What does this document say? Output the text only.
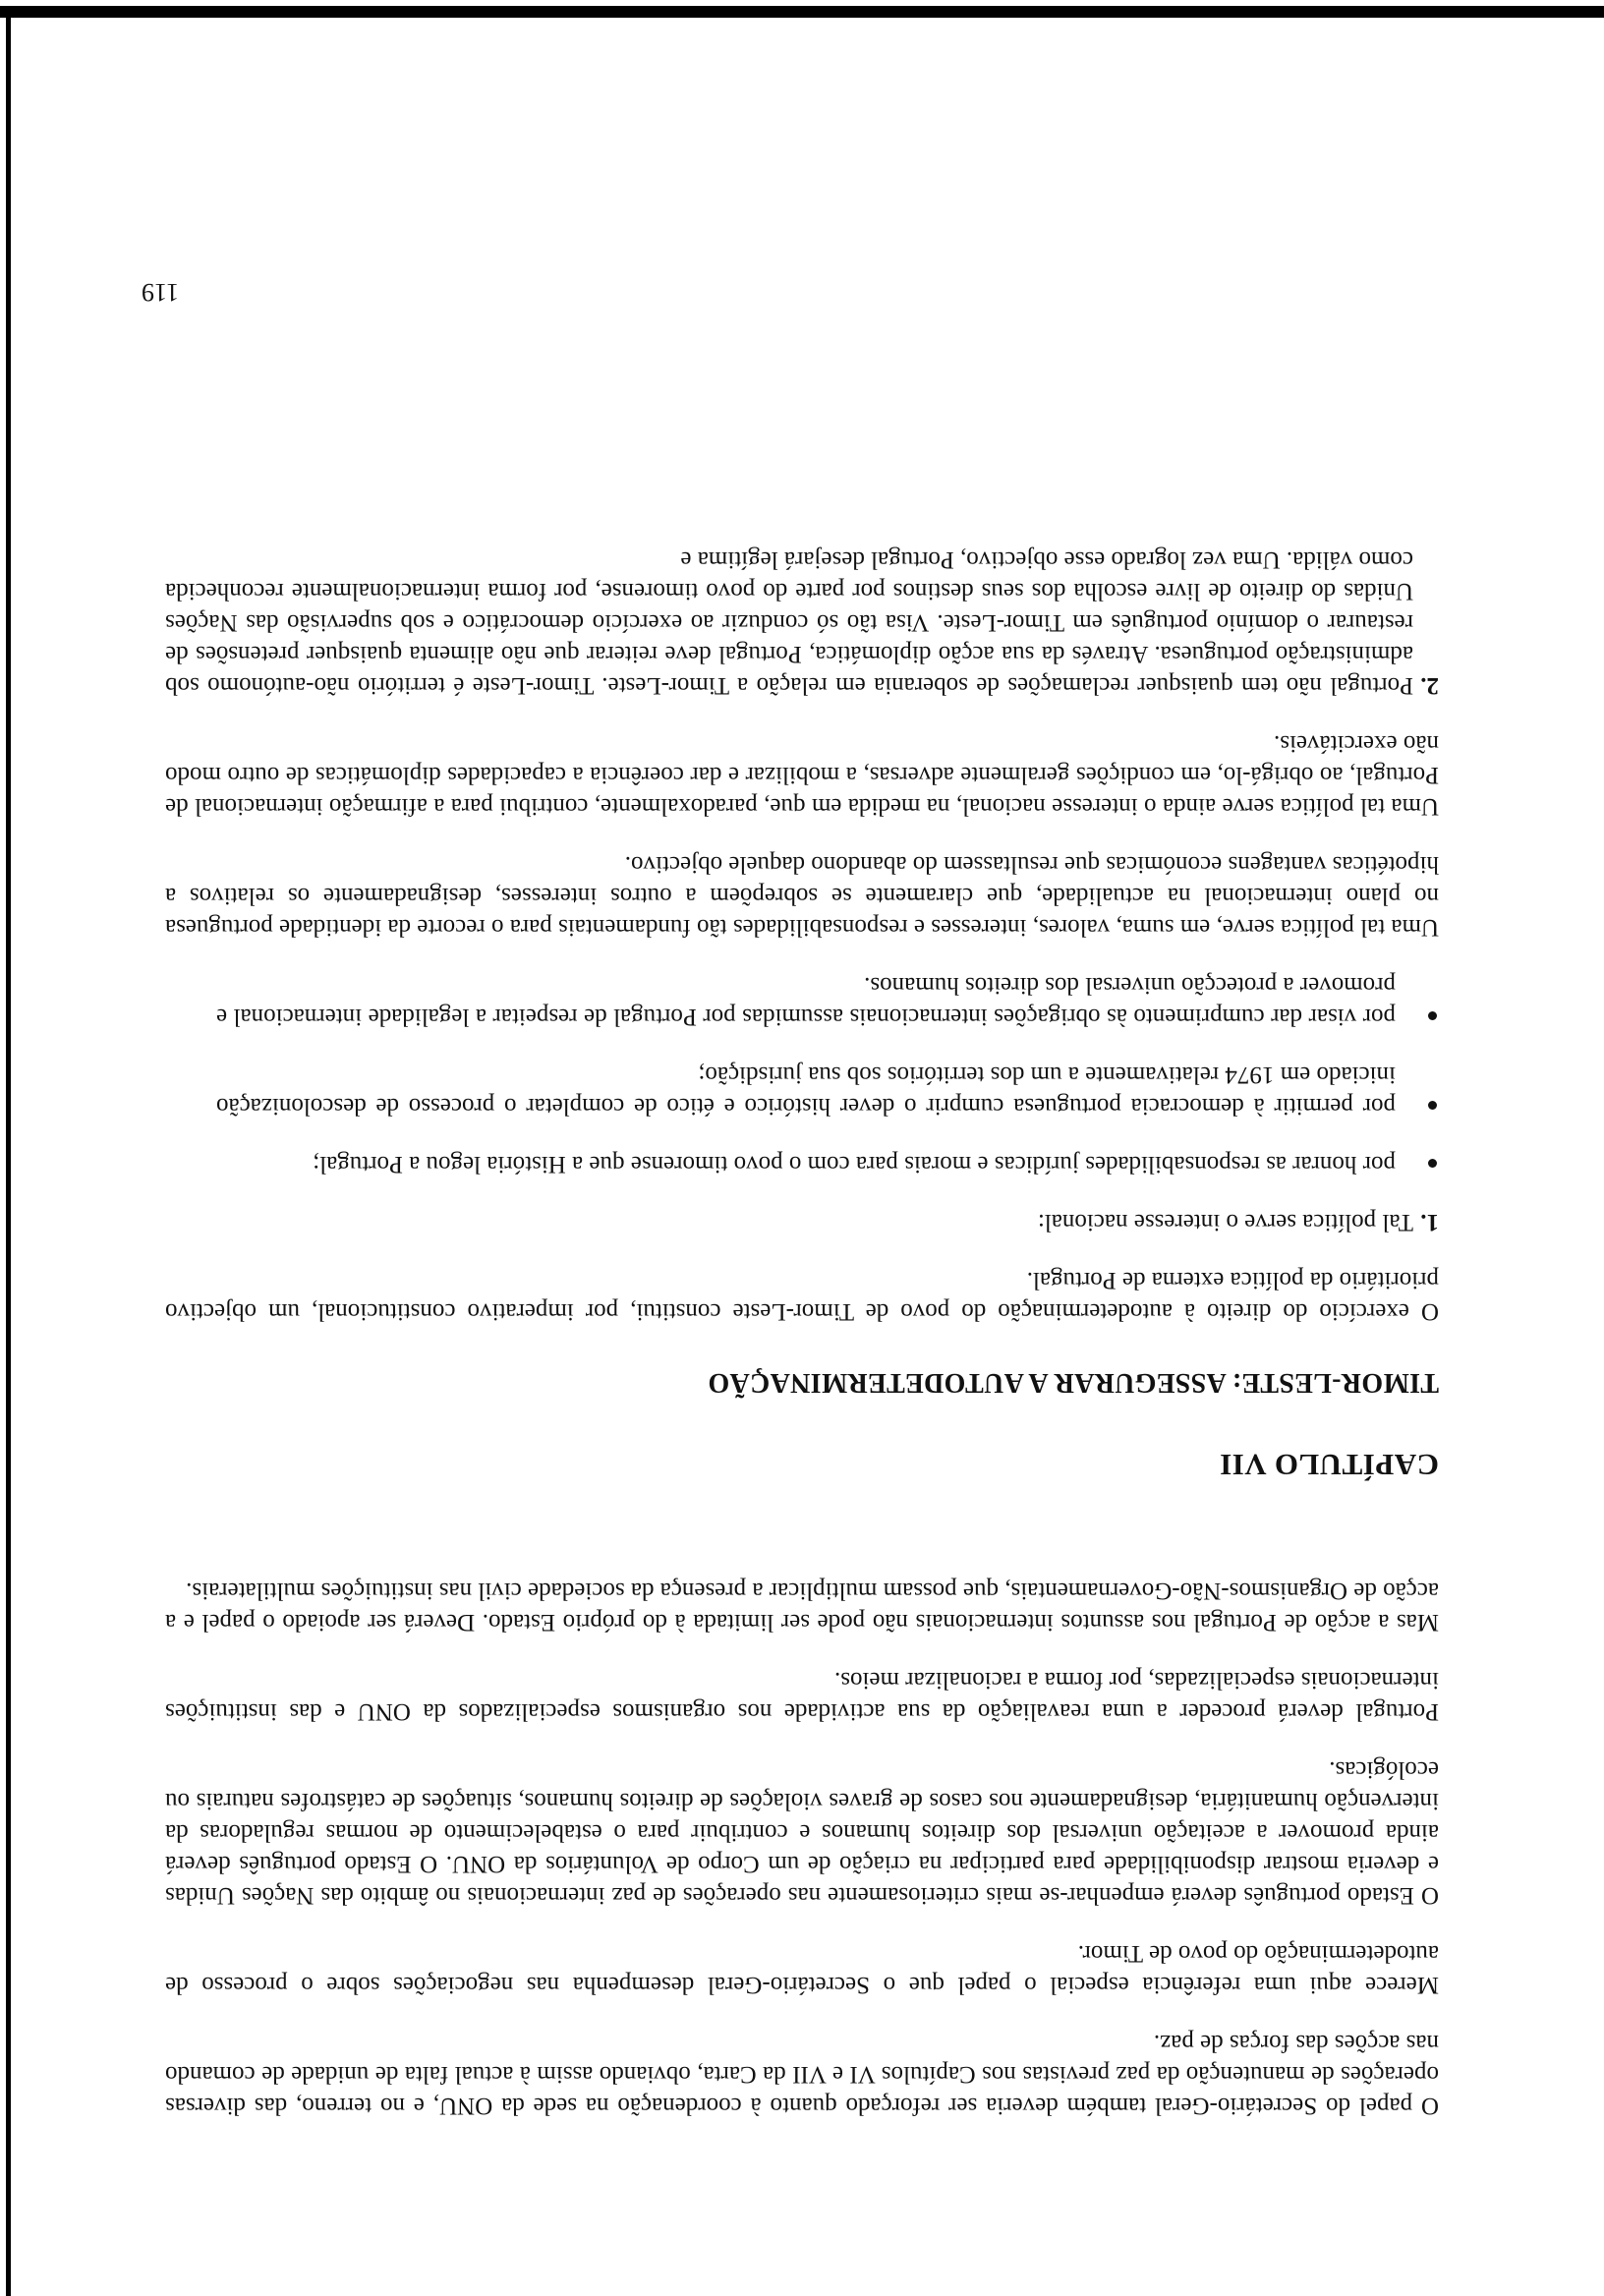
O papel do Secretário-Geral também deveria ser reforçado quanto à coordenação na sede da ONU, e no terreno, das diversas operações de manutenção da paz previstas nos Capítulos VI e VII da Carta, obviando assim à actual falta de unidade de comando nas acções das forças de paz.

Merece aqui uma referência especial o papel que o Secretário-Geral desempenha nas negociações sobre o processo de autodeterminação do povo de Timor.

O Estado português deverá empenhar-se mais criteriosamente nas operações de paz internacionais no âmbito das Nações Unidas e deveria mostrar disponibilidade para participar na criação de um Corpo de Voluntários da ONU. O Estado português deverá ainda promover a aceitação universal dos direitos humanos e contribuir para o estabelecimento de normas reguladoras da intervenção humanitária, designadamente nos casos de graves violações de direitos humanos, situações de catástrofes naturais ou ecológicas.

Portugal deverá proceder a uma reavaliação da sua actividade nos organismos especializados da ONU e das instituições internacionais especializadas, por forma a racionalizar meios.

Mas a acção de Portugal nos assuntos internacionais não pode ser limitada à do próprio Estado. Deverá ser apoiado o papel e a acção de Organismos-Não-Governamentais, que possam multiplicar a presença da sociedade civil nas instituições multilaterais.

CAPÍTULO VII
TIMOR-LESTE: ASSEGURAR A AUTODETERMINAÇÃO

O exercício do direito à autodeterminação do povo de Timor-Leste constitui, por imperativo constitucional, um objectivo prioritário da política externa de Portugal.

1.
Tal política serve o interesse nacional:
por honrar as responsabilidades jurídicas e morais para com o povo timorense que a História legou a Portugal;
por permitir à democracia portuguesa cumprir o dever histórico e ético de completar o processo de descolonização iniciado em 1974 relativamente a um dos territórios sob sua jurisdição;
por visar dar cumprimento às obrigações internacionais assumidas por Portugal de respeitar a legalidade internacional e promover a protecção universal dos direitos humanos.

Uma tal política serve, em suma, valores, interesses e responsabilidades tão fundamentais para o recorte da identidade portuguesa no plano internacional na actualidade, que claramente se sobrepõem a outros interesses, designadamente os relativos a hipotéticas vantagens económicas que resultassem do abandono daquele objectivo.

Uma tal política serve ainda o interesse nacional, na medida em que, paradoxalmente, contribui para a afirmação internacional de Portugal, ao obrigá-lo, em condições geralmente adversas, a mobilizar e dar coerência a capacidades diplomáticas de outro modo não exercitáveis.

2.
Portugal não tem quaisquer reclamações de soberania em relação a Timor-Leste. Timor-Leste é território não-autónomo sob administração portuguesa. Através da sua acção diplomática, Portugal deve reiterar que não alimenta quaisquer pretensões de restaurar o domínio português em Timor-Leste. Visa tão só conduzir ao exercício democrático e sob supervisão das Nações Unidas do direito de livre escolha dos seus destinos por parte do povo timorense, por forma internacionalmente reconhecida como válida. Uma vez logrado esse objectivo, Portugal desejará legítima e
119
